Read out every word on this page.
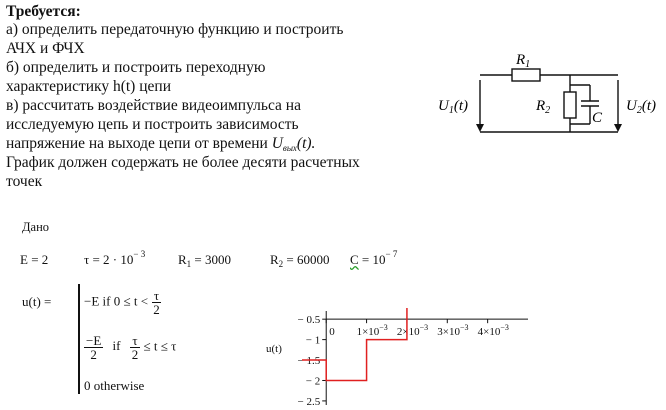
Требуется:
а) определить передаточную функцию и построить
АЧХ и ФЧХ
б) определить и построить переходную
характеристику h(t) цепи
в) рассчитать воздействие видеоимпульса на
исследуемую цепь и построить зависимость
напряжение на выходе цепи от времени Uвых(t).
График должен содержать не более десяти расчетных
точек
$R_1$
$R_2$	C
$U_1(t)$	$U_2(t)$
Дано
E = 2	$\tau = 2 \cdot 10^{- 3}$	$R_1 = 3000$	$R_2 = 60000$ $C = 10^{- 7}$
u(t) =	−E if $0 \le t < \frac{\tau}{2}$
$\frac{-E}{2}$ if $\frac{\tau}{2} \le t \le \tau$
0 otherwise
− 0.5
− 1
− 1.5
− 2
− 2.5
0 $1\times 10^{-3}$ $2\times 10^{-3}$ $3\times 10^{-3}$ $4\times 10^{-3}$
u(t)
